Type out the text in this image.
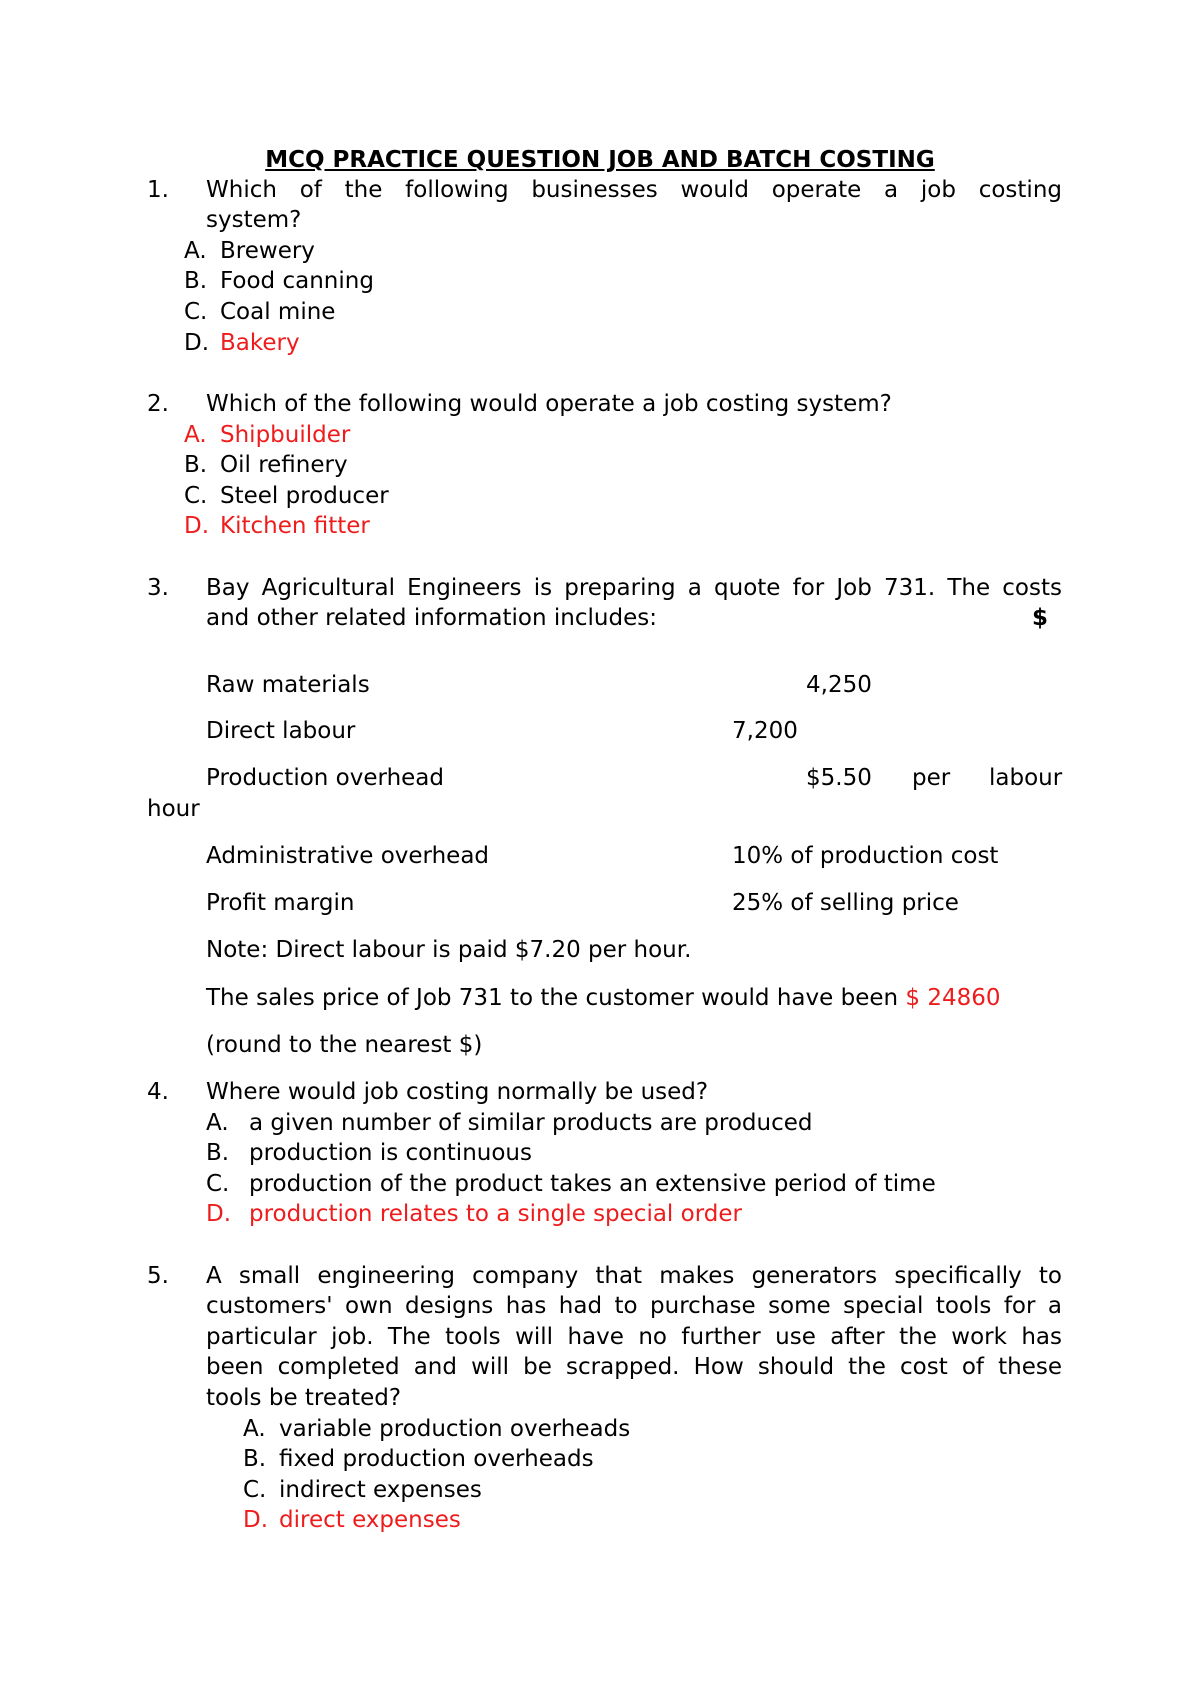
MCQ PRACTICE QUESTION JOB AND BATCH COSTING
1. Which of the following businesses would operate a job costing
system?
A. Brewery
B. Food canning
C. Coal mine
D. Bakery
2. Which of the following would operate a job costing system?
A. Shipbuilder
B. Oil refinery
C. Steel producer
D. Kitchen fitter
3. Bay Agricultural Engineers is preparing a quote for Job 731. The costs
and other related information includes:	$
Raw materials	4,250
Direct labour	7,200
Production overhead	$5.50 per labour
hour
Administrative overhead	10% of production cost
Profit margin	25% of selling price
Note: Direct labour is paid $7.20 per hour.
The sales price of Job 731 to the customer would have been $ 24860
(round to the nearest $)
4. Where would job costing normally be used?
A. a given number of similar products are produced
B. production is continuous
C. production of the product takes an extensive period of time
D. production relates to a single special order
5. A small engineering company that makes generators specifically to
customers' own designs has had to purchase some special tools for a
particular job. The tools will have no further use after the work has
been completed and will be scrapped. How should the cost of these
tools be treated?
A. variable production overheads
B. fixed production overheads
C. indirect expenses
D. direct expenses
